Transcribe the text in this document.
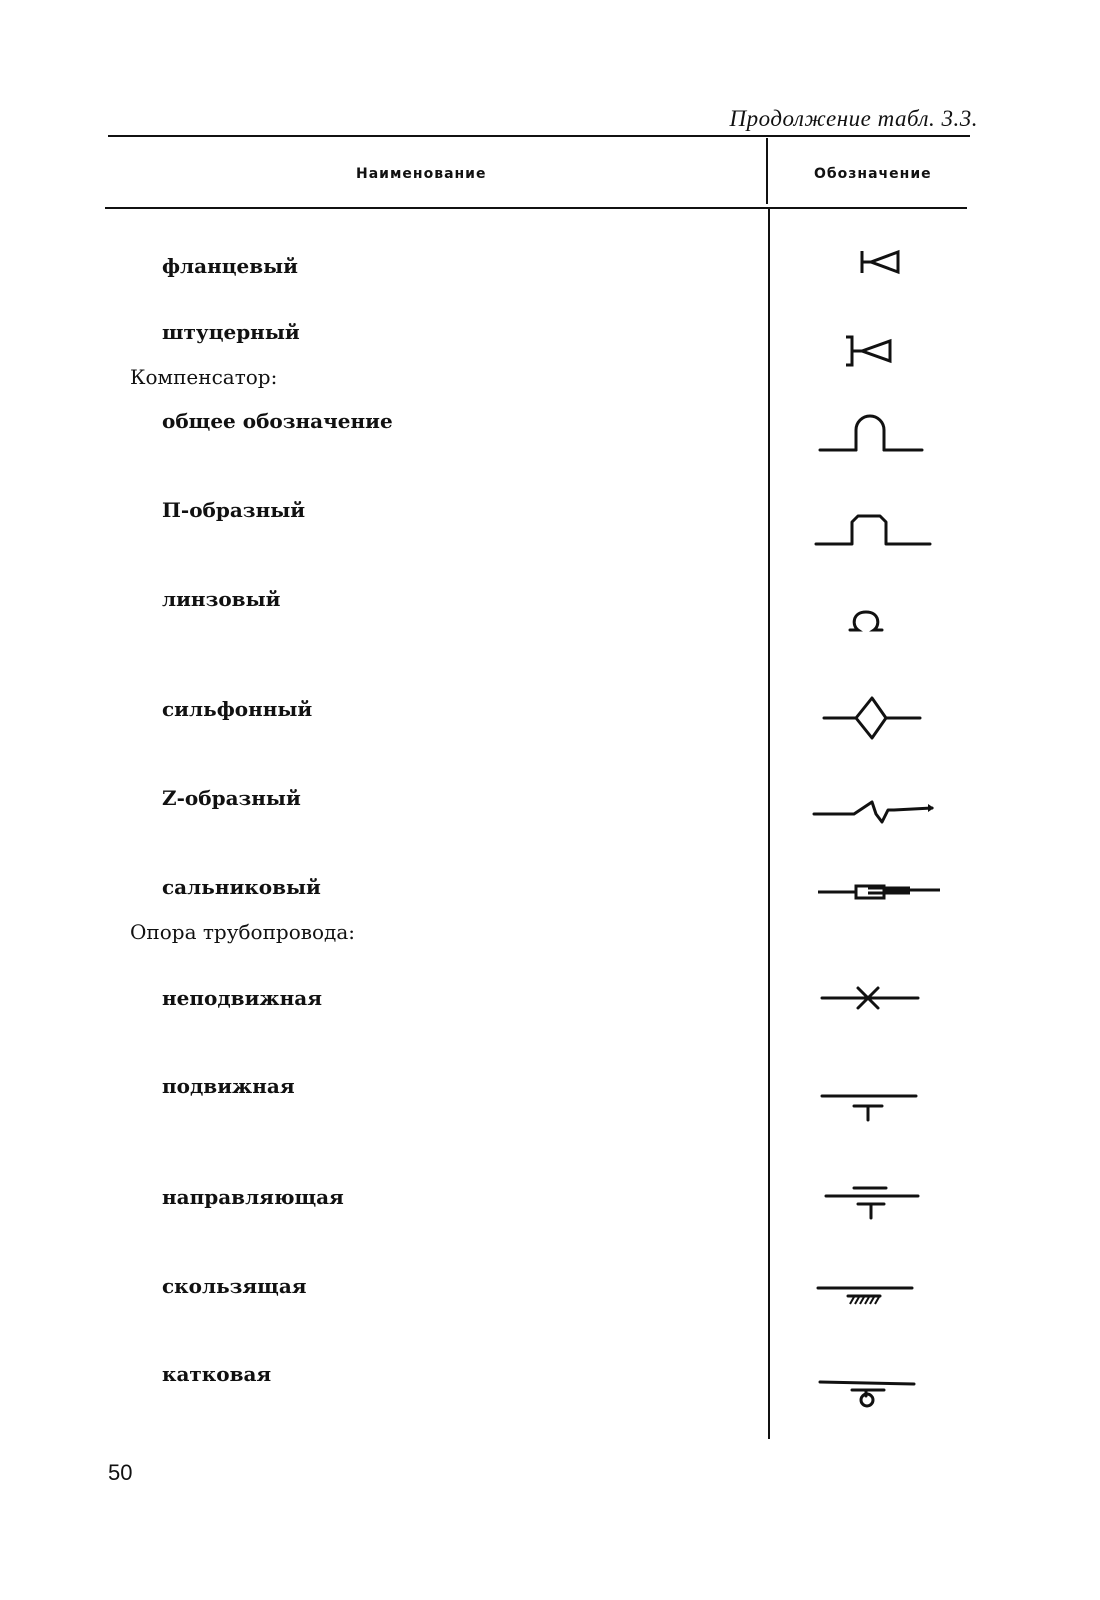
Продолжение табл. 3.3.
Наименование	Обозначение
фланцевый
штуцерный
Компенсатор:
общее обозначение
П-образный
линзовый
сильфонный
Z-образный
сальниковый
Опора трубопровода:
неподвижная
подвижная
направляющая
скользящая
катковая
50
